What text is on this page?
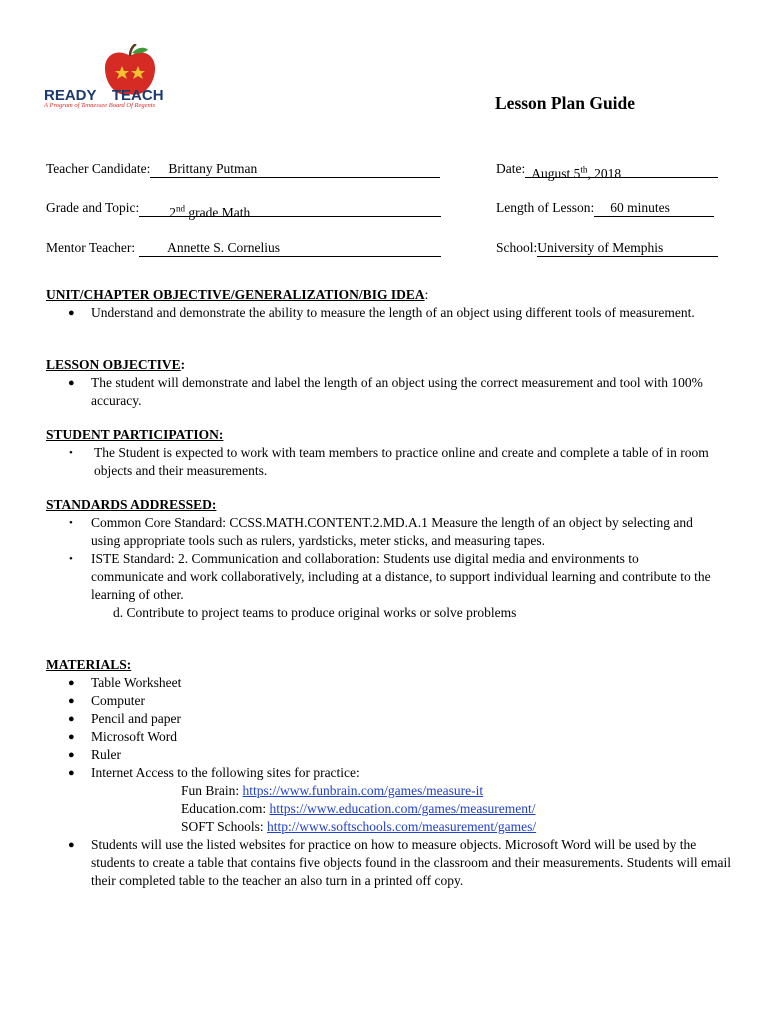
READY2TEACH
A Program of Tennessee Board Of Regents	Lesson Plan Guide
Teacher Candidate: Brittany Putman	Date: August 5th, 2018
Grade and Topic: 2nd grade Math	Length of Lesson: 60 minutes
Mentor Teacher: Annette S. Cornelius	School:University of Memphis
UNIT/CHAPTER OBJECTIVE/GENERALIZATION/BIG IDEA:
● Understand and demonstrate the ability to measure the length of an object using different tools of measurement.
LESSON OBJECTIVE:
● The student will demonstrate and label the length of an object using the correct measurement and tool with 100% accuracy.
STUDENT PARTICIPATION:
• The Student is expected to work with team members to practice online and create and complete a table of in room objects and their measurements.
STANDARDS ADDRESSED:
• Common Core Standard: CCSS.MATH.CONTENT.2.MD.A.1 Measure the length of an object by selecting and using appropriate tools such as rulers, yardsticks, meter sticks, and measuring tapes.
• ISTE Standard: 2. Communication and collaboration: Students use digital media and environments to communicate and work collaboratively, including at a distance, to support individual learning and contribute to the learning of other.
d. Contribute to project teams to produce original works or solve problems
MATERIALS:
● Table Worksheet
● Computer
● Pencil and paper
● Microsoft Word
● Ruler
● Internet Access to the following sites for practice:
Fun Brain: https://www.funbrain.com/games/measure-it
Education.com: https://www.education.com/games/measurement/
SOFT Schools: http://www.softschools.com/measurement/games/
● Students will use the listed websites for practice on how to measure objects. Microsoft Word will be used by the students to create a table that contains five objects found in the classroom and their measurements. Students will email their completed table to the teacher an also turn in a printed off copy.
